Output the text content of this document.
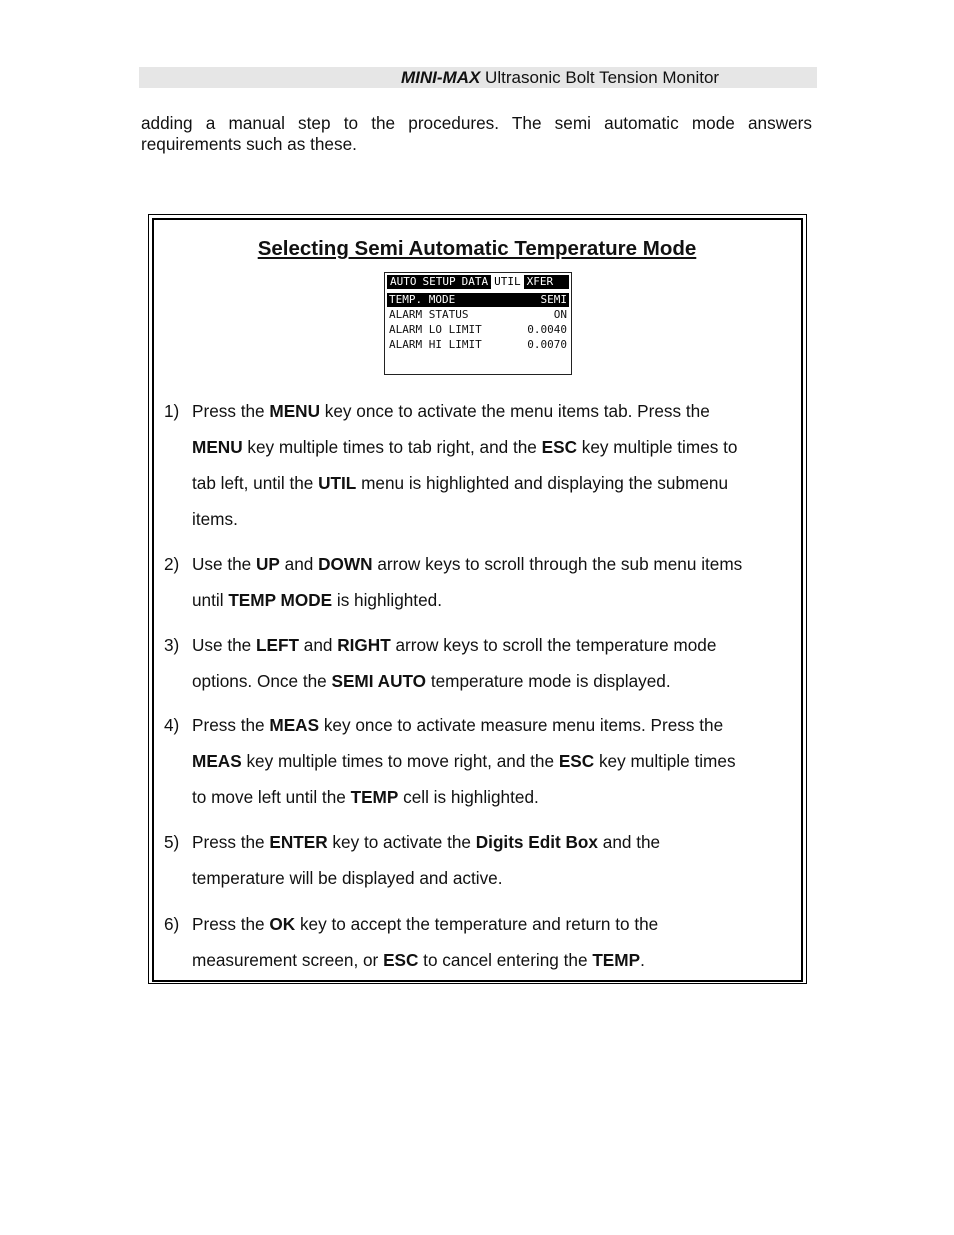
MINI-MAX Ultrasonic Bolt Tension Monitor
adding a manual step to the procedures. The semi automatic mode answers requirements such as these.
Selecting Semi Automatic Temperature Mode
AUTO SETUP DATA UTIL XFER
TEMP. MODE	SEMI
ALARM STATUS	ON
ALARM LO LIMIT	0.0040
ALARM HI LIMIT	0.0070
1) Press the MENU key once to activate the menu items tab. Press the
MENU key multiple times to tab right, and the ESC key multiple times to
tab left, until the UTIL menu is highlighted and displaying the submenu
items.
2) Use the UP and DOWN arrow keys to scroll through the sub menu items
until TEMP MODE is highlighted.
3) Use the LEFT and RIGHT arrow keys to scroll the temperature mode
options. Once the SEMI AUTO temperature mode is displayed.
4) Press the MEAS key once to activate measure menu items. Press the
MEAS key multiple times to move right, and the ESC key multiple times
to move left until the TEMP cell is highlighted.
5) Press the ENTER key to activate the Digits Edit Box and the
temperature will be displayed and active.
6) Press the OK key to accept the temperature and return to the
measurement screen, or ESC to cancel entering the TEMP.
